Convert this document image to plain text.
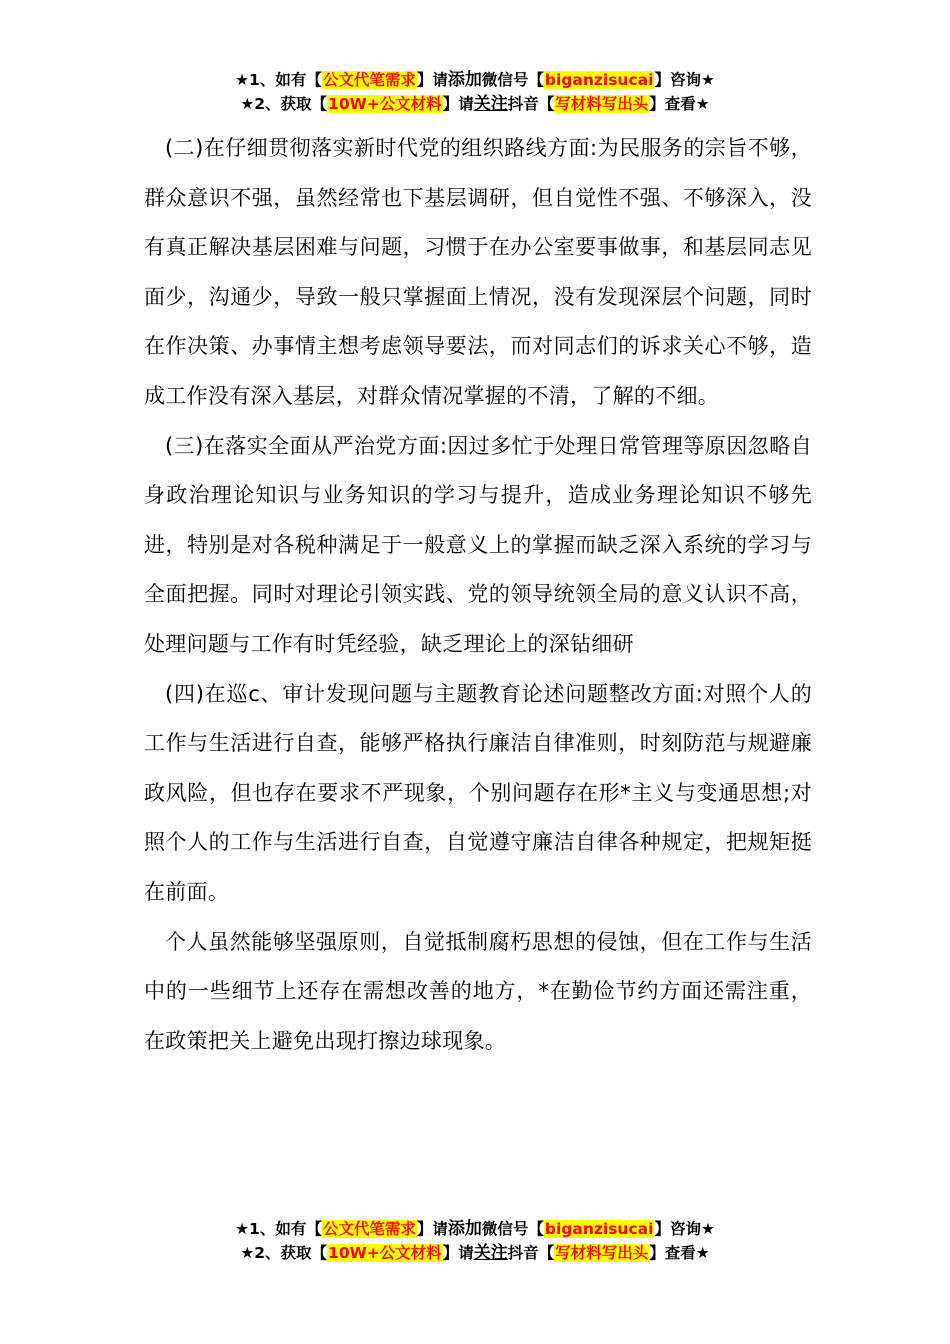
★1、如有【公文代笔需求】请添加微信号【biganzisucai】咨询★
★2、获取【10W+公文材料】请关注抖音【写材料写出头】查看★

(二)在仔细贯彻落实新时代党的组织路线方面:为民服务的宗旨不够，群众意识不强，虽然经常也下基层调研，但自觉性不强、不够深入，没有真正解决基层困难与问题，习惯于在办公室要事做事，和基层同志见面少，沟通少，导致一般只掌握面上情况，没有发现深层个问题，同时在作决策、办事情主想考虑领导要法，而对同志们的诉求关心不够，造成工作没有深入基层，对群众情况掌握的不清，了解的不细。

(三)在落实全面从严治党方面:因过多忙于处理日常管理等原因忽略自身政治理论知识与业务知识的学习与提升，造成业务理论知识不够先进，特别是对各税种满足于一般意义上的掌握而缺乏深入系统的学习与全面把握。同时对理论引领实践、党的领导统领全局的意义认识不高，处理问题与工作有时凭经验，缺乏理论上的深钻细研

(四)在巡c、审计发现问题与主题教育论述问题整改方面:对照个人的工作与生活进行自查，能够严格执行廉洁自律准则，时刻防范与规避廉政风险，但也存在要求不严现象，个别问题存在形*主义与变通思想;对照个人的工作与生活进行自查，自觉遵守廉洁自律各种规定，把规矩挺在前面。

个人虽然能够坚强原则，自觉抵制腐朽思想的侵蚀，但在工作与生活中的一些细节上还存在需想改善的地方，*在勤俭节约方面还需注重，在政策把关上避免出现打擦边球现象。

★1、如有【公文代笔需求】请添加微信号【biganzisucai】咨询★
★2、获取【10W+公文材料】请关注抖音【写材料写出头】查看★
